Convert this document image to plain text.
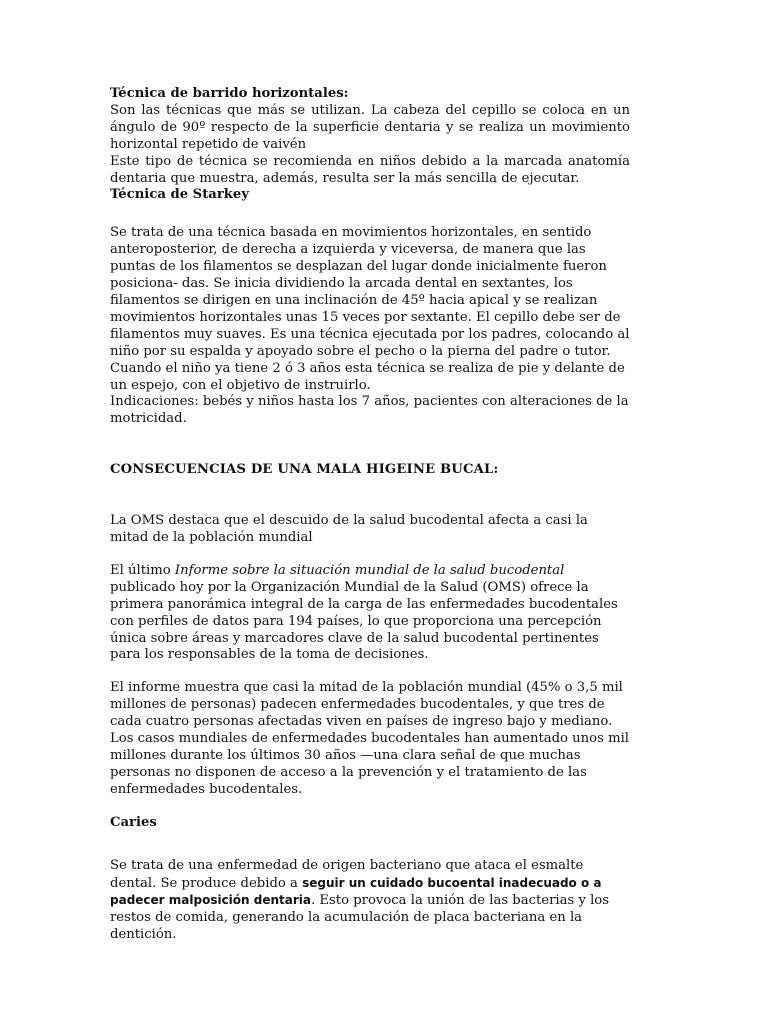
Técnica de barrido horizontales:

Son las técnicas que más se utilizan. La cabeza del cepillo se coloca en un ángulo de 90º respecto de la superficie dentaria y se realiza un movimiento horizontal repetido de vaivén

Este tipo de técnica se recomienda en niños debido a la marcada anatomía dentaria que muestra, además, resulta ser la más sencilla de ejecutar.

Técnica de Starkey

Se trata de una técnica basada en movimientos horizontales, en sentido anteroposterior, de derecha a izquierda y viceversa, de manera que las puntas de los filamentos se desplazan del lugar donde inicialmente fueron posiciona- das. Se inicia dividiendo la arcada dental en sextantes, los filamentos se dirigen en una inclinación de 45º hacia apical y se realizan movimientos horizontales unas 15 veces por sextante. El cepillo debe ser de filamentos muy suaves. Es una técnica ejecutada por los padres, colocando al niño por su espalda y apoyado sobre el pecho o la pierna del padre o tutor. Cuando el niño ya tiene 2 ó 3 años esta técnica se realiza de pie y delante de un espejo, con el objetivo de instruirlo.

Indicaciones: bebés y niños hasta los 7 años, pacientes con alteraciones de la motricidad.

CONSECUENCIAS DE UNA MALA HIGEINE BUCAL:

La OMS destaca que el descuido de la salud bucodental afecta a casi la mitad de la población mundial

El último Informe sobre la situación mundial de la salud bucodental publicado hoy por la Organización Mundial de la Salud (OMS) ofrece la primera panorámica integral de la carga de las enfermedades bucodentales con perfiles de datos para 194 países, lo que proporciona una percepción única sobre áreas y marcadores clave de la salud bucodental pertinentes para los responsables de la toma de decisiones.

El informe muestra que casi la mitad de la población mundial (45% o 3,5 mil millones de personas) padecen enfermedades bucodentales, y que tres de cada cuatro personas afectadas viven en países de ingreso bajo y mediano. Los casos mundiales de enfermedades bucodentales han aumentado unos mil millones durante los últimos 30 años —una clara señal de que muchas personas no disponen de acceso a la prevención y el tratamiento de las enfermedades bucodentales.

Caries

Se trata de una enfermedad de origen bacteriano que ataca el esmalte dental. Se produce debido a seguir un cuidado bucoental inadecuado o a padecer malposición dentaria. Esto provoca la unión de las bacterias y los restos de comida, generando la acumulación de placa bacteriana en la dentición.
